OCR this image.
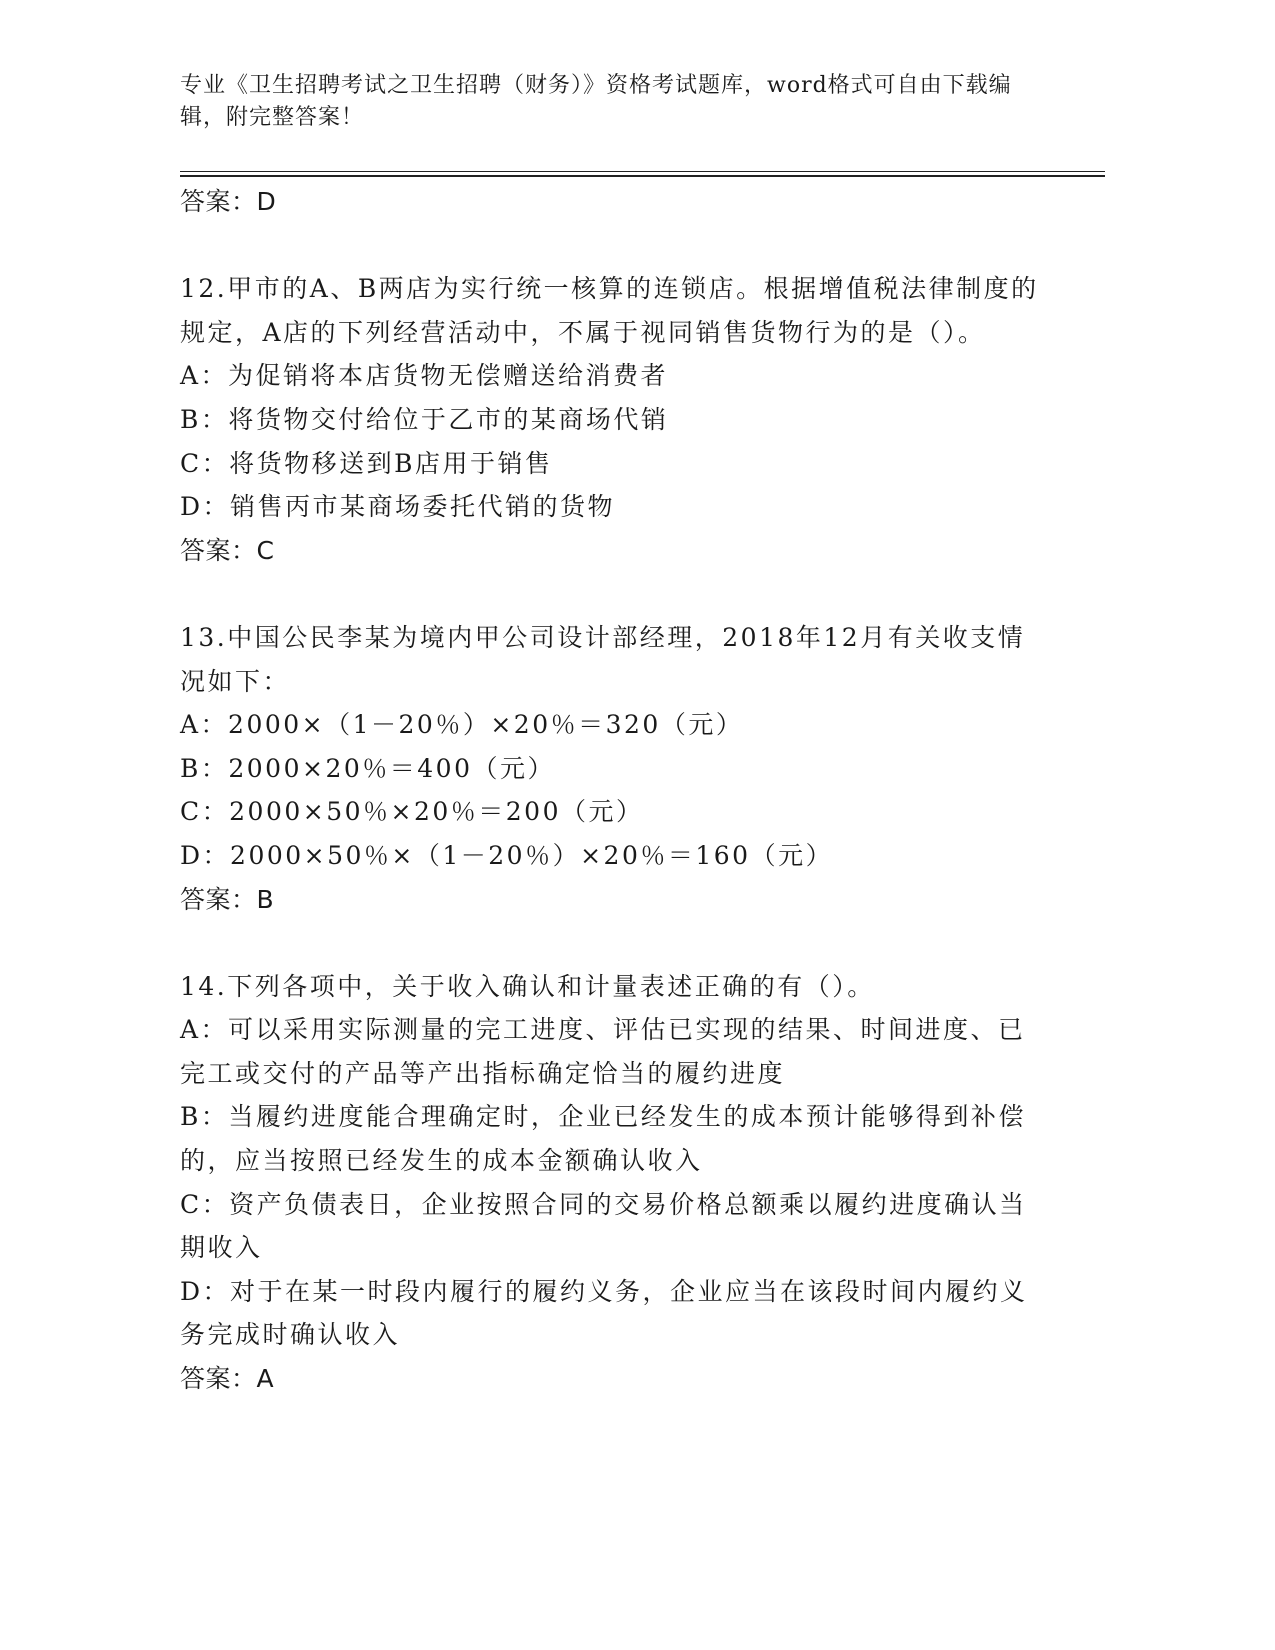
专业《卫生招聘考试之卫生招聘（财务）》资格考试题库，word格式可自由下载编辑，附完整答案！

答案：D

12.甲市的A、B两店为实行统一核算的连锁店。根据增值税法律制度的规定，A店的下列经营活动中，不属于视同销售货物行为的是（）。

A：为促销将本店货物无偿赠送给消费者

B：将货物交付给位于乙市的某商场代销

C：将货物移送到B店用于销售

D：销售丙市某商场委托代销的货物

答案：C

13.中国公民李某为境内甲公司设计部经理，2018年12月有关收支情况如下：

A：2000×（1－20％）×20％＝320（元）

B：2000×20％＝400（元）

C：2000×50％×20％＝200（元）

D：2000×50％×（1－20％）×20％＝160（元）

答案：B

14.下列各项中，关于收入确认和计量表述正确的有（）。

A：可以采用实际测量的完工进度、评估已实现的结果、时间进度、已完工或交付的产品等产出指标确定恰当的履约进度

B：当履约进度能合理确定时，企业已经发生的成本预计能够得到补偿的，应当按照已经发生的成本金额确认收入

C：资产负债表日，企业按照合同的交易价格总额乘以履约进度确认当期收入

D：对于在某一时段内履行的履约义务，企业应当在该段时间内履约义务完成时确认收入

答案：A
